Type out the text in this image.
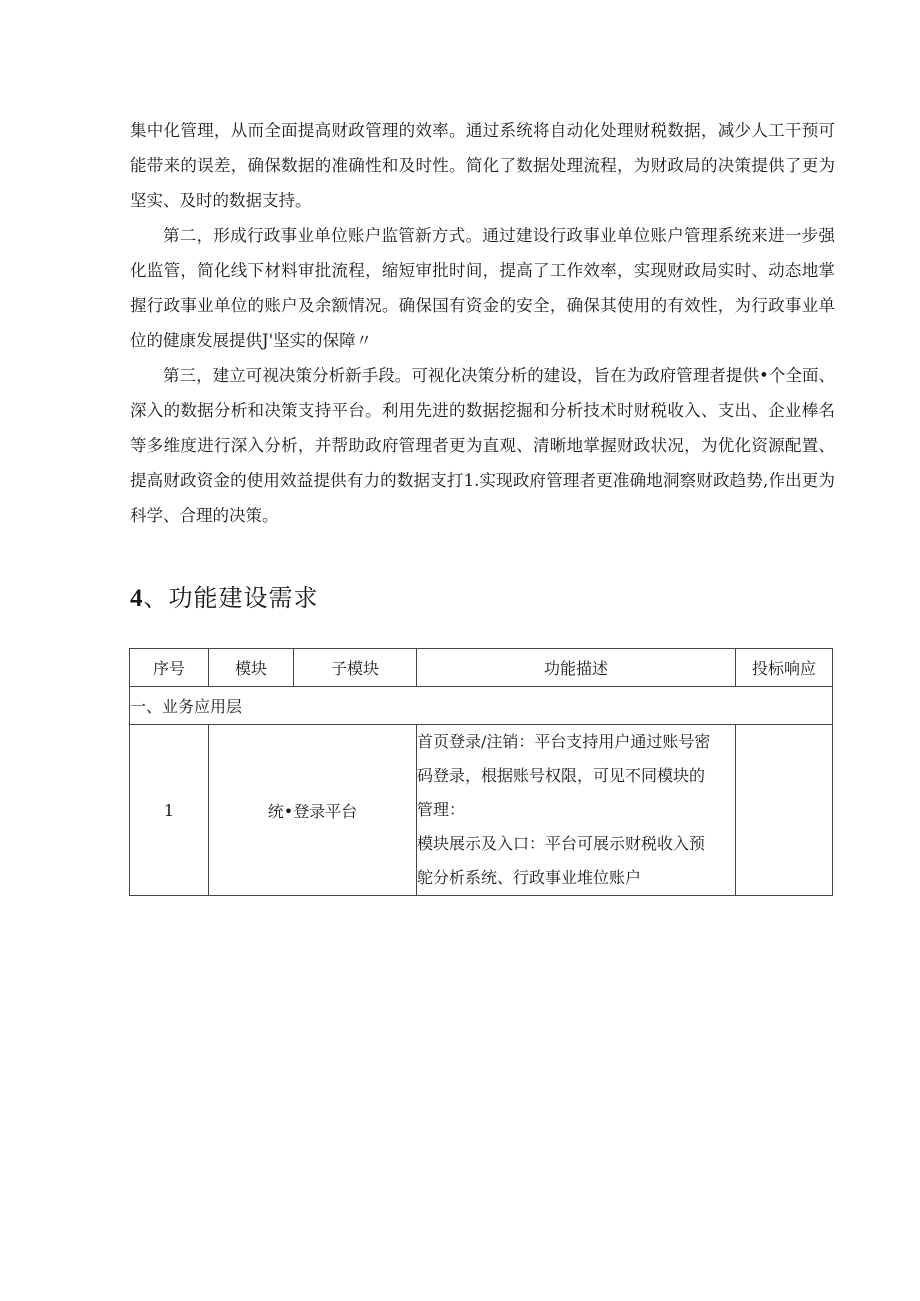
集中化管理，从而全面提高财政管理的效率。通过系统将自动化处理财税数据，减少人工干预可能带来的误差，确保数据的准确性和及时性。简化了数据处理流程，为财政局的决策提供了更为坚实、及时的数据支持。

第二，形成行政事业单位账户监管新方式。通过建设行政事业单位账户管理系统来进一步强化监管，简化线下材料审批流程，缩短审批时间，提高了工作效率，实现财政局实时、动态地掌握行政事业单位的账户及余额情况。确保国有资金的安全，确保其使用的有效性，为行政事业单位的健康发展提供J'坚实的保障〃

第三，建立可视决策分析新手段。可视化决策分析的建设，旨在为政府管理者提供•个全面、深入的数据分析和决策支持平台。利用先进的数据挖掘和分析技术时财税收入、支出、企业棒名等多维度进行深入分析，并帮助政府管理者更为直观、清晰地掌握财政状况，为优化资源配置、提高财政资金的使用效益提供有力的数据支打1.实现政府管理者更准确地洞察财政趋势,作出更为科学、合理的决策。

4、功能建设需求
序号	模块	子模块	功能描述	投标响应
一、业务应用层				
1	统•登录平台		首页登录/注销：平台支持用户通过账号密
码登录，根据账号权限，可见不同模块的
管理：
模块展示及入口：平台可展示财税收入预
鸵分析系统、行政事业堆位账户	
